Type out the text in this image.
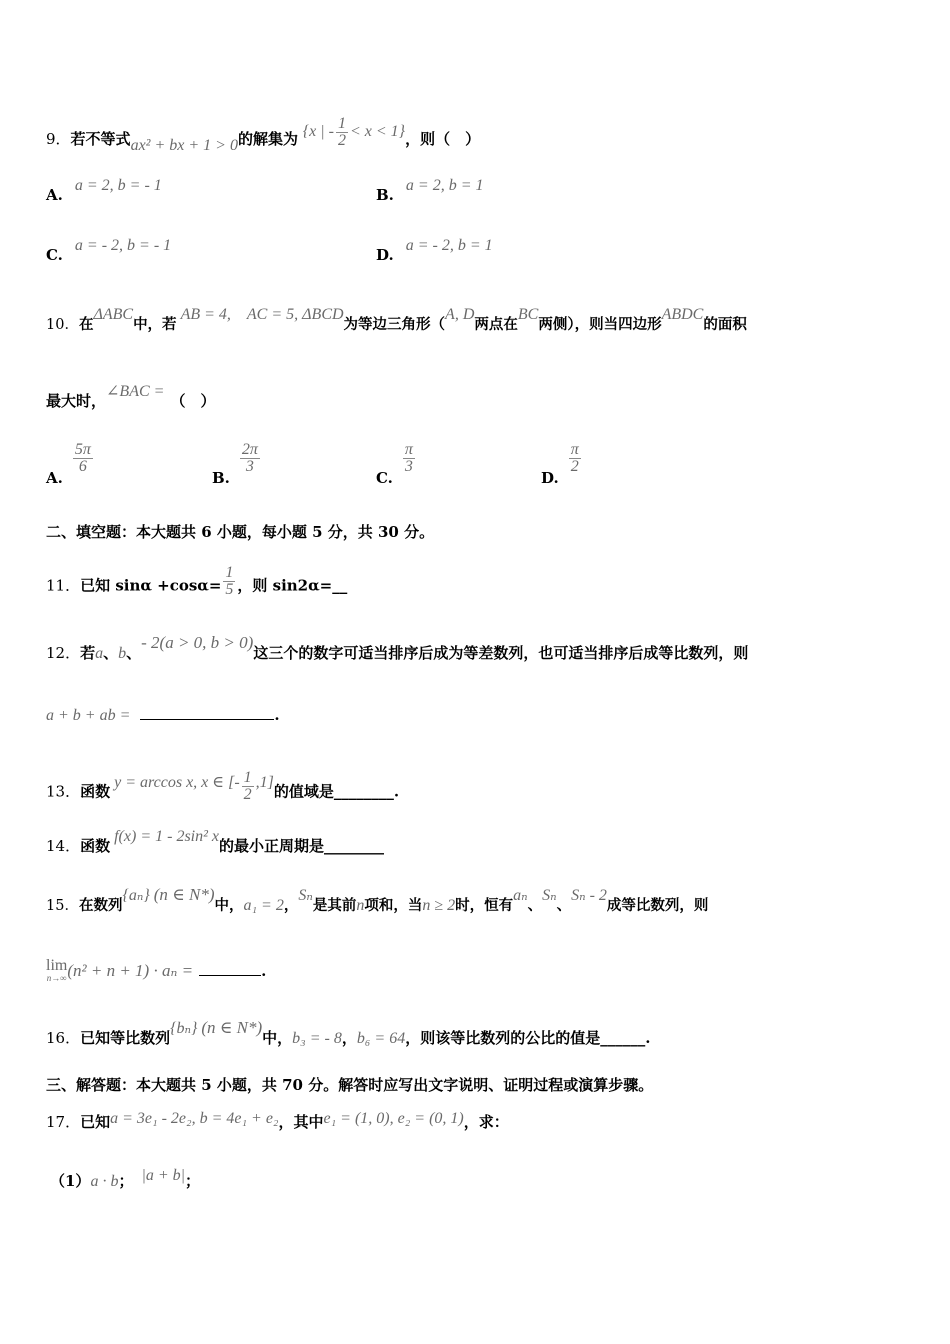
9．若不等式ax² + bx + 1 > 0的解集为 {x | - $\frac{1}{2} < x < 1$}，则（　）
A.a = 2, b = - 1
B.a = 2, b = 1
C.a = - 2, b = - 1
D.a = - 2, b = 1
10．在ΔABC中，若AB = 4,　AC = 5, ΔBCD为等边三角形（A, D两点在BC两侧），则当四边形ABDC的面积
最大时，∠BAC =（　）
A.
$\frac{5\pi}{6}$
B.
$\frac{2\pi}{3}$
C.
$\frac{\pi}{3}$
D.
$\frac{\pi}{2}$
二、填空题：本大题共 6 小题，每小题 5 分，共 30 分。
11．已知 $\sin\alpha +\cos\alpha= \frac{1}{5}$ ，则 sin2α=__
12．若a、b、- 2(a > 0, b > 0)这三个的数字可适当排序后成为等差数列，也可适当排序后成等比数列，则
a + b + ab =	.
13．函数y = arccos x, x ∈ [- $\frac{1}{2} ,1$]的值域是________.
14．函数f(x) = 1 - 2sin² x的最小正周期是________
15．在数列{aₙ} (n ∈ N*)中，a₁ = 2，Sₙ是其前n项和，当n ≥ 2时，恒有aₙ、Sₙ、Sₙ - 2成等比数列，则
lim
n→∞ (n² + n + 1) · aₙ =	.
16．已知等比数列{bₙ} (n ∈ N*)中，b₃ = - 8，b₆ = 64，则该等比数列的公比的值是______.
三、解答题：本大题共 5 小题，共 70 分。解答时应写出文字说明、证明过程或演算步骤。
17．已知a = 3e₁ - 2e₂, b = 4e₁ + e₂，其中e₁ = (1, 0), e₂ = (0, 1)，求：
（1）a · b； |a + b|；
